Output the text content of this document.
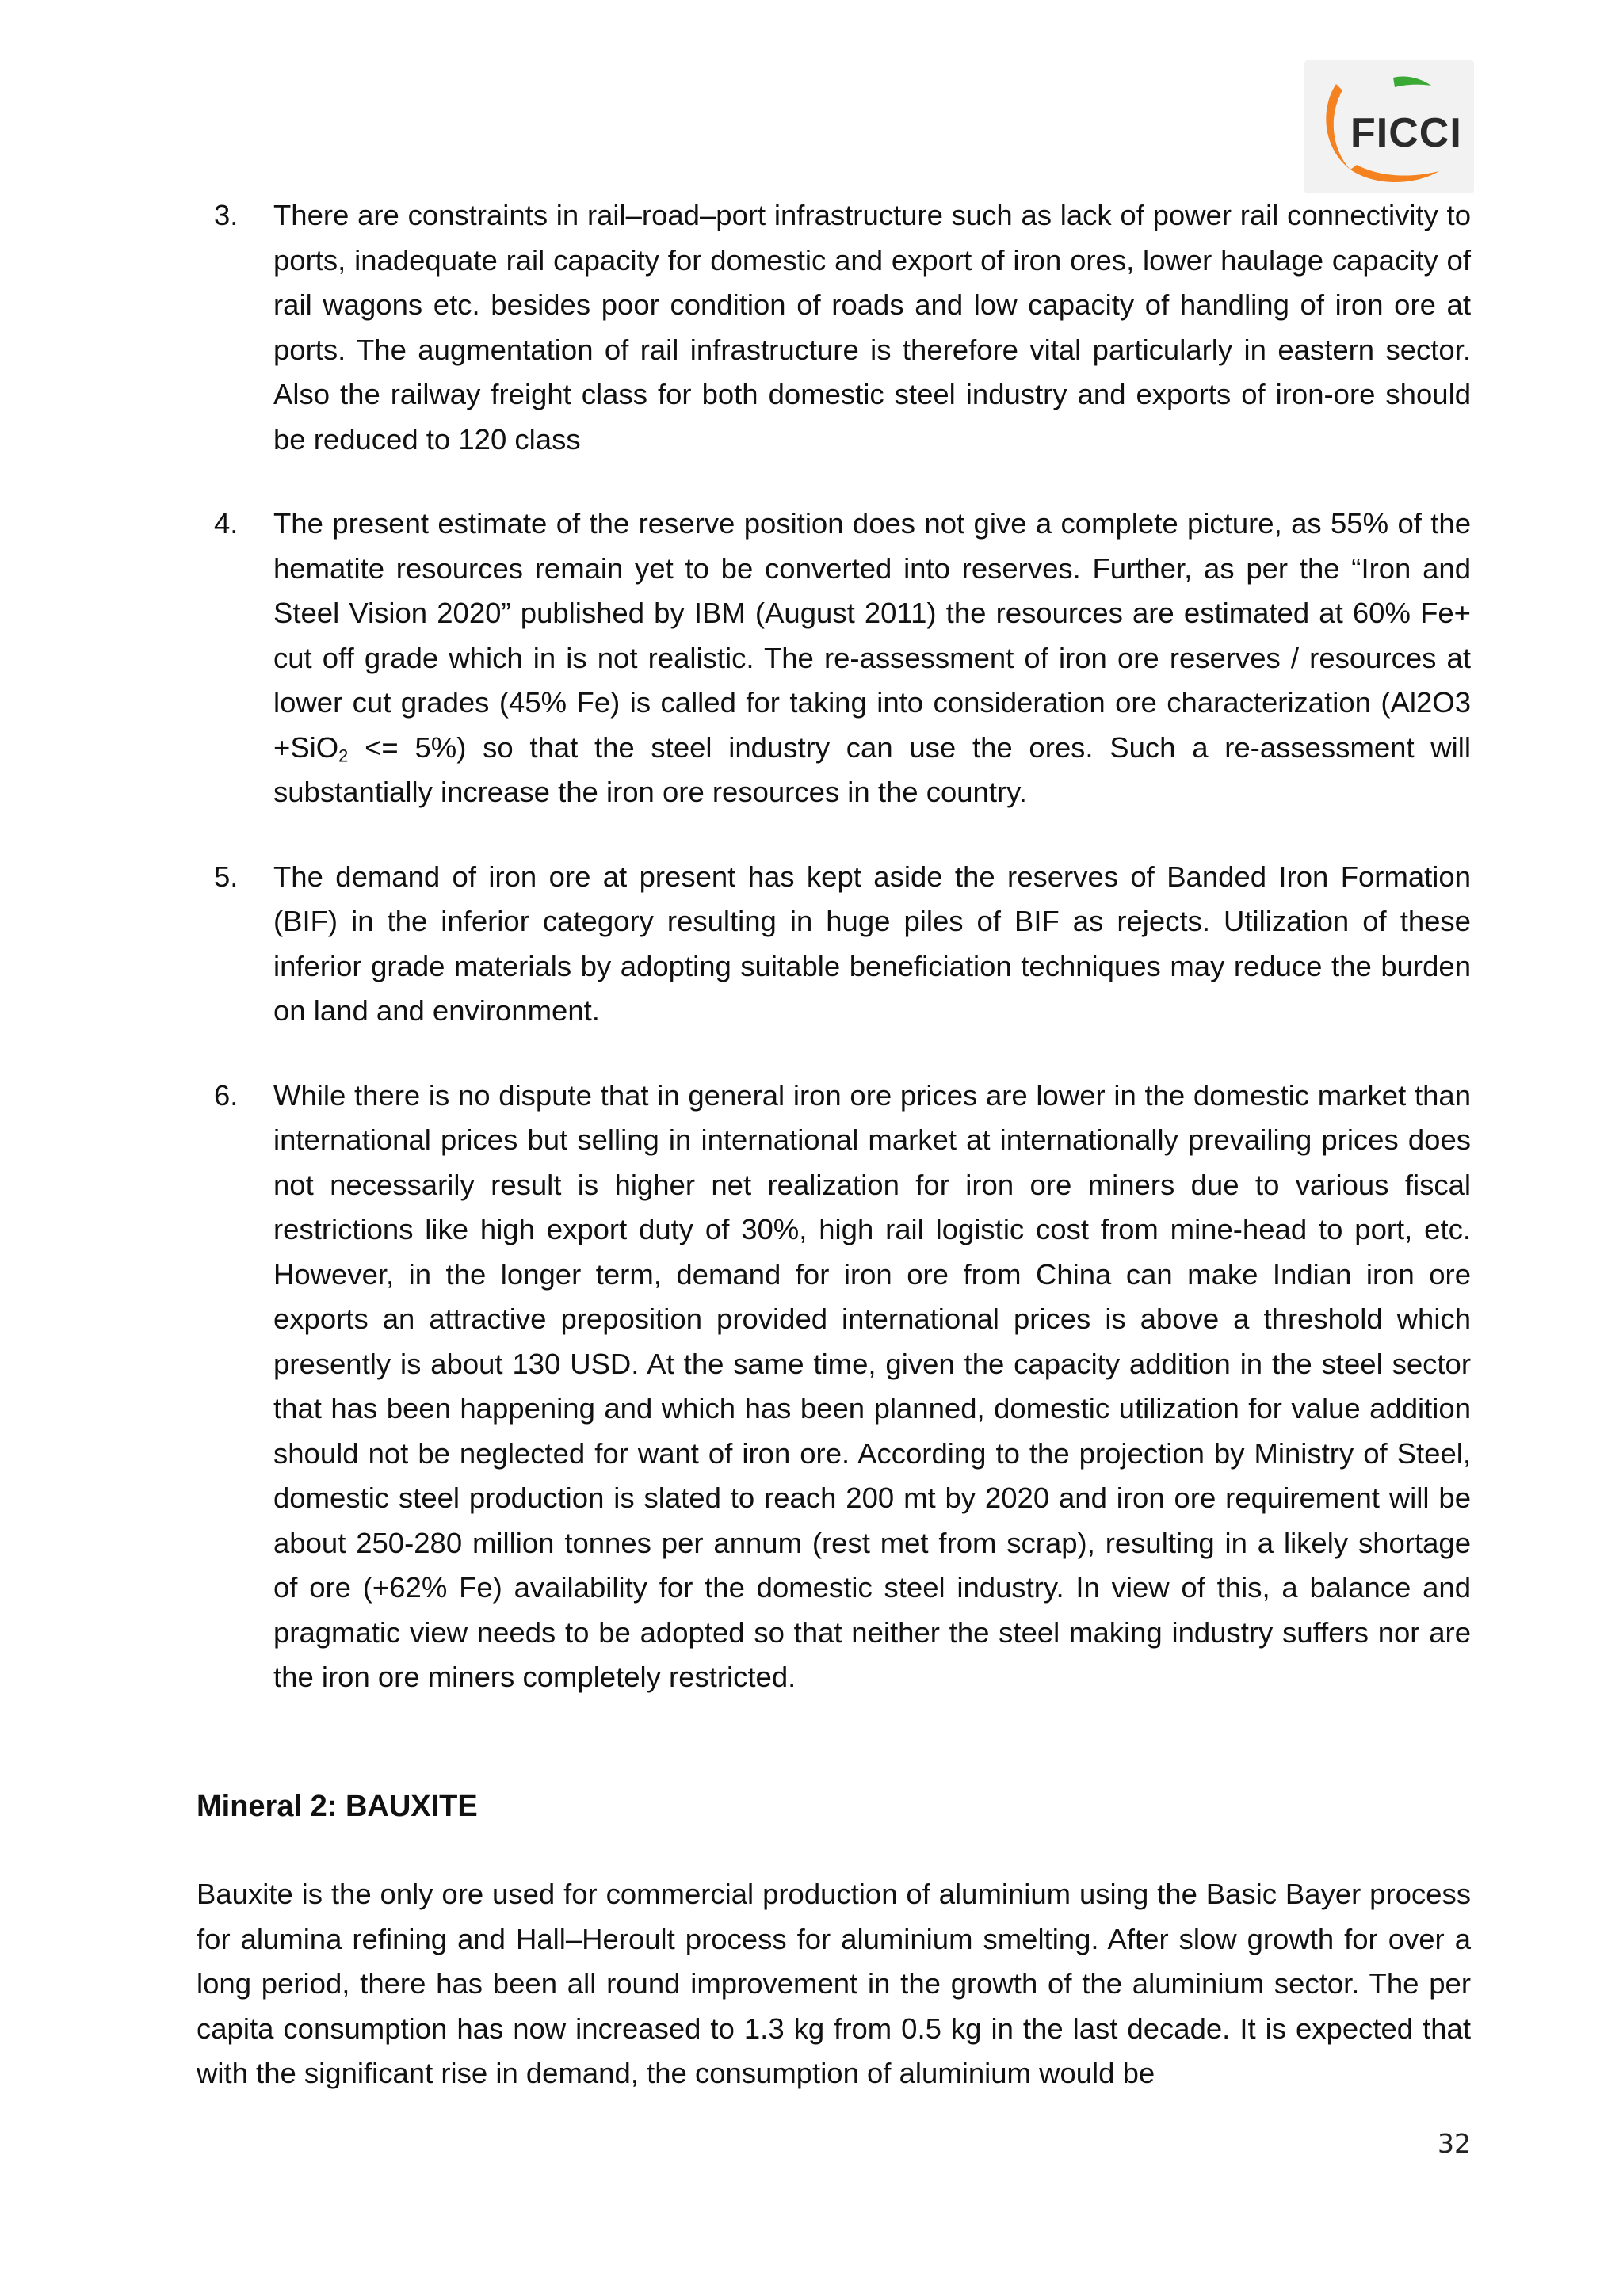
FICCI
3. There are constraints in rail–road–port infrastructure such as lack of power rail connectivity to ports, inadequate rail capacity for domestic and export of iron ores, lower haulage capacity of rail wagons etc. besides poor condition of roads and low capacity of handling of iron ore at ports. The augmentation of rail infrastructure is therefore vital particularly in eastern sector. Also the railway freight class for both domestic steel industry and exports of iron-ore should be reduced to 120 class
4. The present estimate of the reserve position does not give a complete picture, as 55% of the hematite resources remain yet to be converted into reserves. Further, as per the “Iron and Steel Vision 2020” published by IBM (August 2011) the resources are estimated at 60% Fe+ cut off grade which in is not realistic. The re-assessment of iron ore reserves / resources at lower cut grades (45% Fe) is called for taking into consideration ore characterization (Al2O3 +SiO$_2$ <= 5%) so that the steel industry can use the ores. Such a re-assessment will substantially increase the iron ore resources in the country.
5. The demand of iron ore at present has kept aside the reserves of Banded Iron Formation (BIF) in the inferior category resulting in huge piles of BIF as rejects. Utilization of these inferior grade materials by adopting suitable beneficiation techniques may reduce the burden on land and environment.
6. While there is no dispute that in general iron ore prices are lower in the domestic market than international prices but selling in international market at internationally prevailing prices does not necessarily result is higher net realization for iron ore miners due to various fiscal restrictions like high export duty of 30%, high rail logistic cost from mine-head to port, etc. However, in the longer term, demand for iron ore from China can make Indian iron ore exports an attractive preposition provided international prices is above a threshold which presently is about 130 USD. At the same time, given the capacity addition in the steel sector that has been happening and which has been planned, domestic utilization for value addition should not be neglected for want of iron ore. According to the projection by Ministry of Steel, domestic steel production is slated to reach 200 mt by 2020 and iron ore requirement will be about 250-280 million tonnes per annum (rest met from scrap), resulting in a likely shortage of ore (+62% Fe) availability for the domestic steel industry. In view of this, a balance and pragmatic view needs to be adopted so that neither the steel making industry suffers nor are the iron ore miners completely restricted.
Mineral 2: BAUXITE
Bauxite is the only ore used for commercial production of aluminium using the Basic Bayer process for alumina refining and Hall–Heroult process for aluminium smelting. After slow growth for over a long period, there has been all round improvement in the growth of the aluminium sector. The per capita consumption has now increased to 1.3 kg from 0.5 kg in the last decade. It is expected that with the significant rise in demand, the consumption of aluminium would be
32
